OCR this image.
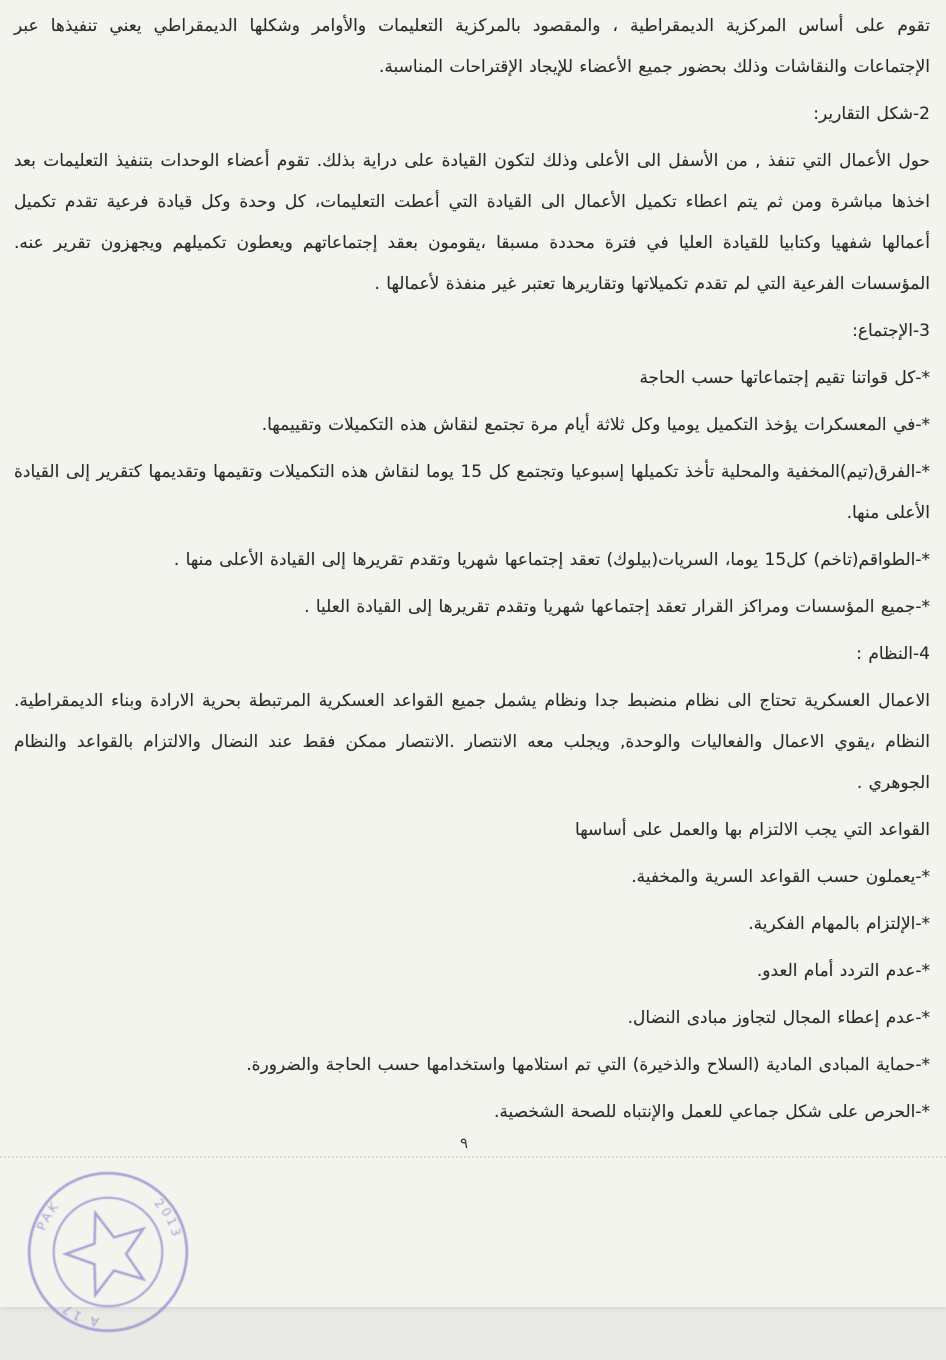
تقوم على أساس المركزية الديمقراطية ، والمقصود بالمركزية التعليمات والأوامر وشكلها الديمقراطي يعني تنفيذها عبر الإجتماعات والنقاشات وذلك بحضور جميع الأعضاء للإيجاد الإقتراحات المناسبة.
2-شكل التقارير:
حول الأعمال التي تنفذ , من الأسفل الى الأعلى وذلك لتكون القيادة على دراية بذلك. تقوم أعضاء الوحدات بتنفيذ التعليمات بعد اخذها مباشرة ومن ثم يتم اعطاء تكميل الأعمال الى القيادة التي أعطت التعليمات، كل وحدة وكل قيادة فرعية تقدم تكميل أعمالها شفهيا وكتابيا للقيادة العليا في فترة محددة مسبقا ،يقومون بعقد إجتماعاتهم ويعطون تكميلهم ويجهزون تقرير عنه. المؤسسات الفرعية التي لم تقدم تكميلاتها وتقاريرها تعتبر غير منفذة لأعمالها .
3-الإجتماع:
*-كل قواتنا تقيم إجتماعاتها حسب الحاجة
*-في المعسكرات يؤخذ التكميل يوميا وكل ثلاثة أيام مرة تجتمع لنقاش هذه التكميلات وتقييمها.
*-الفرق(تيم)المخفية والمحلية تأخذ تكميلها إسبوعيا وتجتمع كل 15 يوما لنقاش هذه التكميلات وتقيمها وتقديمها كتقرير إلى القيادة الأعلى منها.
*-الطواقم(تاخم) كل15 يوما، السريات(بيلوك) تعقد إجتماعها شهريا وتقدم تقريرها إلى القيادة الأعلى منها .
*-جميع المؤسسات ومراكز القرار تعقد إجتماعها شهريا وتقدم تقريرها إلى القيادة العليا .
4-النظام :
الاعمال العسكرية تحتاج الى نظام منضبط جدا ونظام يشمل جميع القواعد العسكرية المرتبطة بحرية الارادة وبناء الديمقراطية. النظام ،يقوي الاعمال والفعاليات والوحدة, ويجلب معه الانتصار .الانتصار ممكن فقط عند النضال والالتزام بالقواعد والنظام الجوهري .
القواعد التي يجب الالتزام بها والعمل على أساسها
*-يعملون حسب القواعد السرية والمخفية.
*-الإلتزام بالمهام الفكرية.
*-عدم التردد أمام العدو.
*-عدم إعطاء المجال لتجاوز مبادى النضال.
*-حماية المبادى المادية (السلاح والذخيرة) التي تم استلامها واستخدامها حسب الحاجة والضرورة.
*-الحرص على شكل جماعي للعمل والإنتباه للصحة الشخصية.
٩
PAK	2013
A 17
